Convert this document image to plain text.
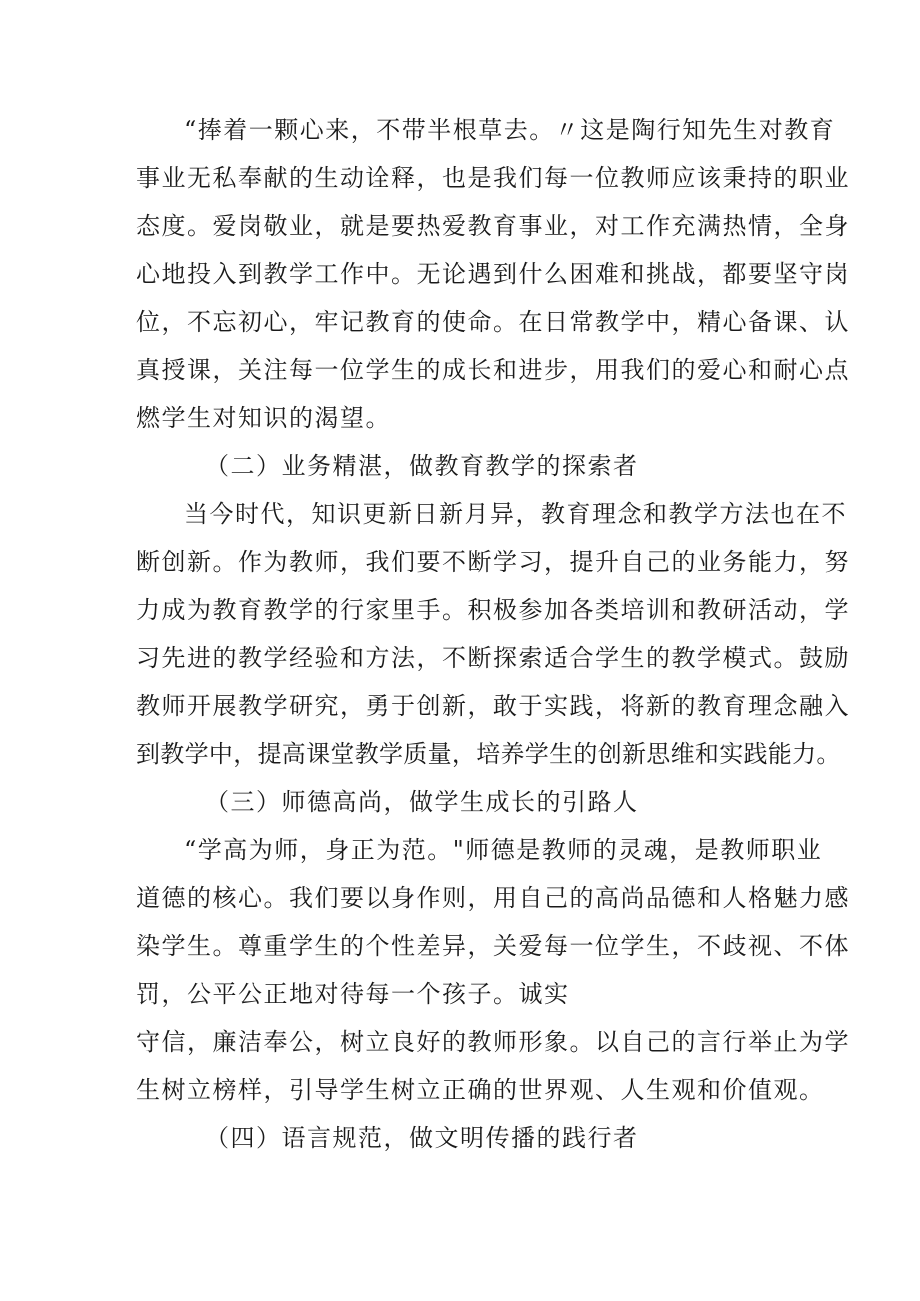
“捧着一颗心来，不带半根草去。〃这是陶行知先生对教育
事业无私奉献的生动诠释，也是我们每一位教师应该秉持的职业
态度。爱岗敬业，就是要热爱教育事业，对工作充满热情，全身
心地投入到教学工作中。无论遇到什么困难和挑战，都要坚守岗
位，不忘初心，牢记教育的使命。在日常教学中，精心备课、认
真授课，关注每一位学生的成长和进步，用我们的爱心和耐心点
燃学生对知识的渴望。
（二）业务精湛，做教育教学的探索者
当今时代，知识更新日新月异，教育理念和教学方法也在不
断创新。作为教师，我们要不断学习，提升自己的业务能力，努
力成为教育教学的行家里手。积极参加各类培训和教研活动，学
习先进的教学经验和方法，不断探索适合学生的教学模式。鼓励
教师开展教学研究，勇于创新，敢于实践，将新的教育理念融入
到教学中，提高课堂教学质量，培养学生的创新思维和实践能力。
（三）师德高尚，做学生成长的引路人
“学高为师，身正为范。"师德是教师的灵魂，是教师职业
道德的核心。我们要以身作则，用自己的高尚品德和人格魅力感
染学生。尊重学生的个性差异，关爱每一位学生，不歧视、不体
罚，公平公正地对待每一个孩子。诚实
守信，廉洁奉公，树立良好的教师形象。以自己的言行举止为学
生树立榜样，引导学生树立正确的世界观、人生观和价值观。
（四）语言规范，做文明传播的践行者
